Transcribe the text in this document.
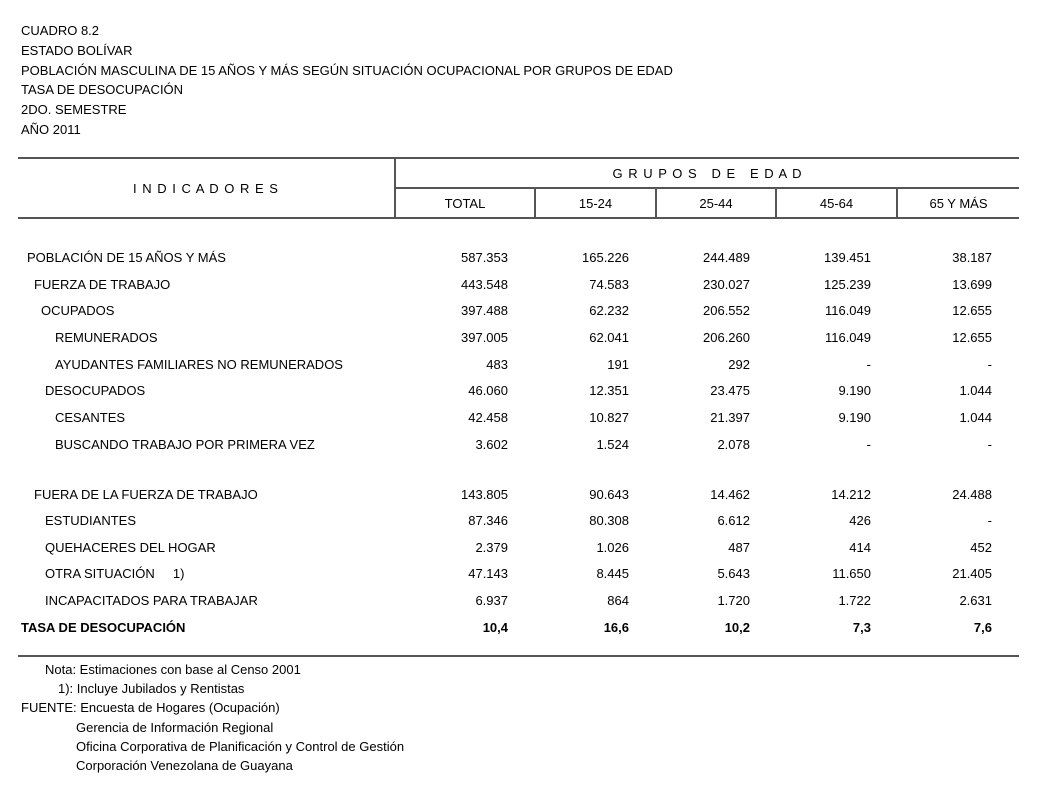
CUADRO 8.2
ESTADO BOLÍVAR
POBLACIÓN MASCULINA DE 15 AÑOS Y MÁS SEGÚN SITUACIÓN OCUPACIONAL POR GRUPOS DE EDAD
TASA DE DESOCUPACIÓN
2DO. SEMESTRE
AÑO 2011
I N D I C A D O R E S
G R U P O S   D E   E D A D
TOTAL	15-24	25-44	45-64	65 Y MÁS
POBLACIÓN DE 15 AÑOS Y MÁS	587.353	165.226	244.489	139.451	38.187
FUERZA DE TRABAJO	443.548	74.583	230.027	125.239	13.699
OCUPADOS	397.488	62.232	206.552	116.049	12.655
REMUNERADOS	397.005	62.041	206.260	116.049	12.655
AYUDANTES FAMILIARES NO REMUNERADOS	483	191	292	-	-
DESOCUPADOS	46.060	12.351	23.475	9.190	1.044
CESANTES	42.458	10.827	21.397	9.190	1.044
BUSCANDO TRABAJO POR PRIMERA VEZ	3.602	1.524	2.078	-	-
FUERA DE LA FUERZA DE TRABAJO	143.805	90.643	14.462	14.212	24.488
ESTUDIANTES	87.346	80.308	6.612	426	-
QUEHACERES DEL HOGAR	2.379	1.026	487	414	452
OTRA SITUACIÓN     1)	47.143	8.445	5.643	11.650	21.405
INCAPACITADOS PARA TRABAJAR	6.937	864	1.720	1.722	2.631
TASA DE DESOCUPACIÓN	10,4	16,6	10,2	7,3	7,6
Nota: Estimaciones con base al Censo 2001
1): Incluye Jubilados y Rentistas
FUENTE: Encuesta de Hogares (Ocupación)
Gerencia de Información Regional
Oficina Corporativa de Planificación y Control de Gestión
Corporación Venezolana de Guayana
